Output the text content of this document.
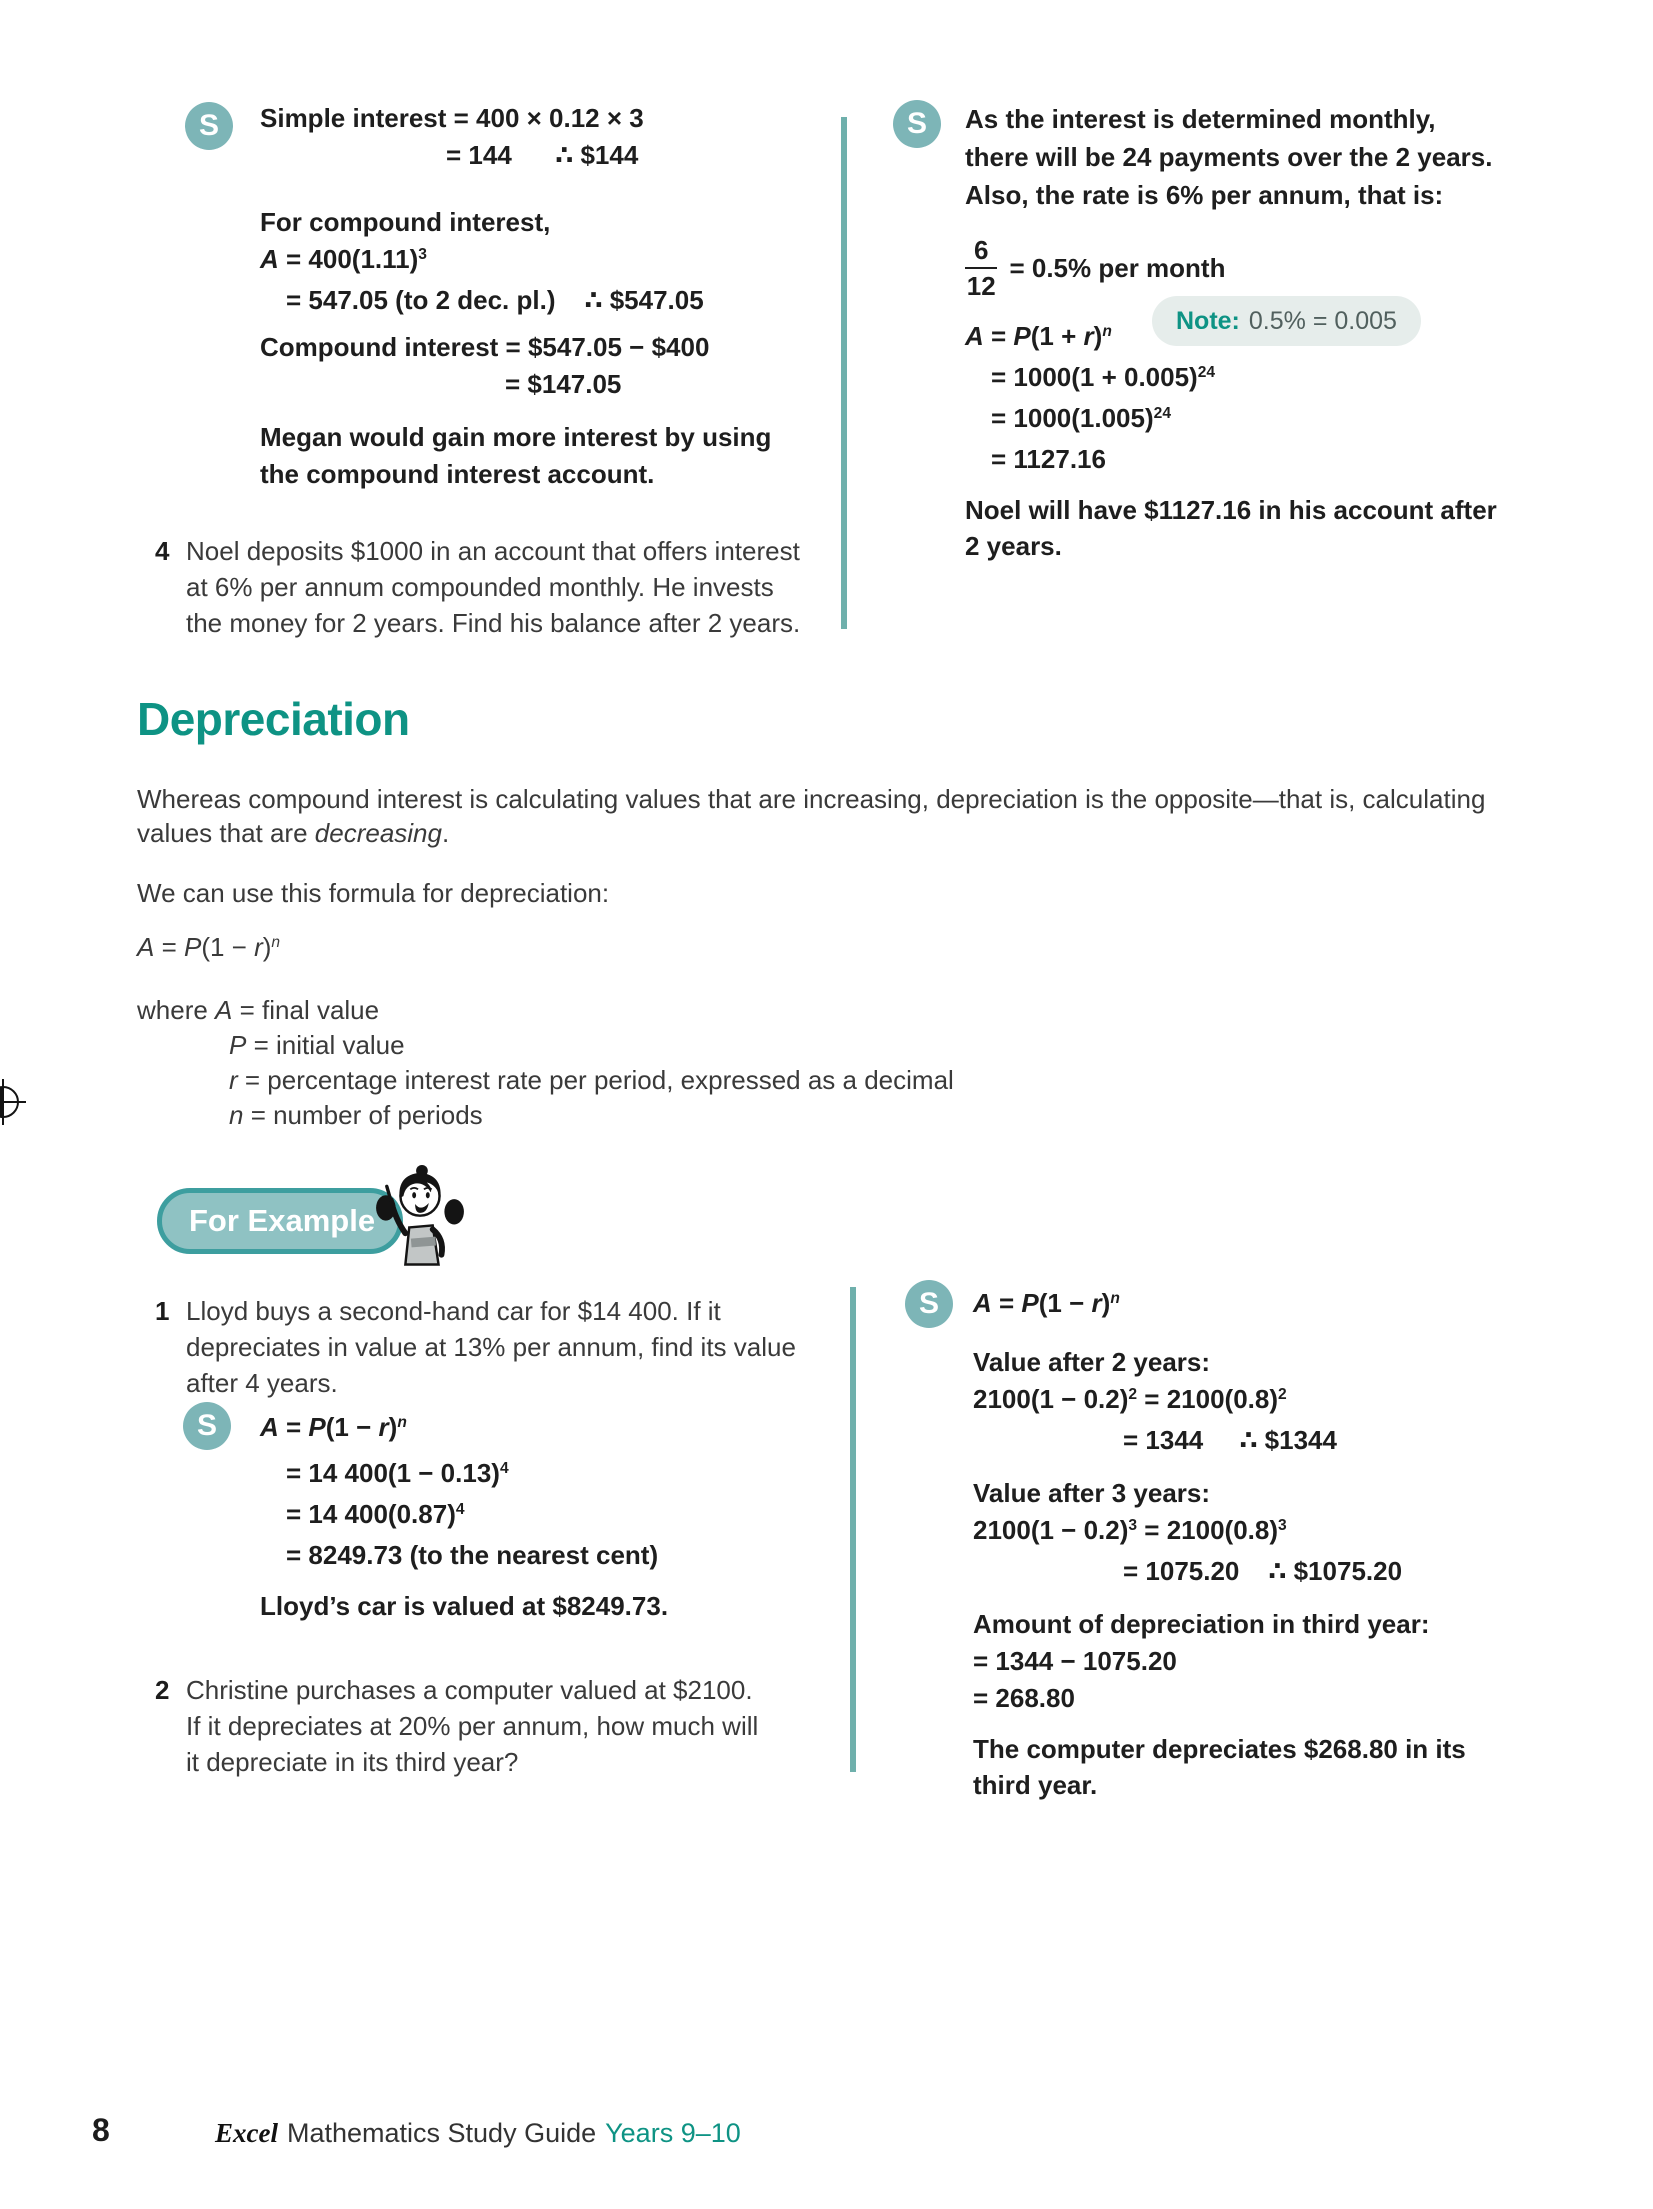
S	Simple interest = 400 × 0.12 × 3
= 144      ∴ $144
For compound interest,
$A = 400(1.11)^3$
= 547.05 (to 2 dec. pl.)    ∴ $547.05
Compound interest = $547.05 − $400
= $147.05
Megan would gain more interest by using
the compound interest account.
4 Noel deposits $1000 in an account that offers interest
at 6% per annum compounded monthly. He invests
the money for 2 years. Find his balance after 2 years.
S	As the interest is determined monthly,
there will be 24 payments over the 2 years.
Also, the rate is 6% per annum, that is:
$\frac{6}{12} = 0.5\%$ per month
$A = P(1 + r)^n$
= $1000(1 + 0.005)^{24}$
= $1000(1.005)^{24}$
= 1127.16
Noel will have $1127.16 in his account after
2 years.
Note: 0.5% = 0.005
Depreciation
Whereas compound interest is calculating values that are increasing, depreciation is the opposite—that is, calculating
values that are decreasing.
We can use this formula for depreciation:
$A = P(1 - r)^n$
where A = final value
P = initial value
r = percentage interest rate per period, expressed as a decimal
n = number of periods
For Example
1 Lloyd buys a second-hand car for $14 400. If it
depreciates in value at 13% per annum, find its value
after 4 years.
S	$A = P(1 - r)^n$
= 14 $400(1 - 0.13)^4$
= 14 $400(0.87)^4$
= 8249.73 (to the nearest cent)
Lloyd’s car is valued at $8249.73.
2 Christine purchases a computer valued at $2100.
If it depreciates at 20% per annum, how much will
it depreciate in its third year?
S	$A = P(1 - r)^n$
Value after 2 years:
$2100(1 - 0.2)^2 = 2100(0.8)^2$
= 1344     ∴ $1344
Value after 3 years:
$2100(1 - 0.2)^3 = 2100(0.8)^3$
= 1075.20    ∴ $1075.20
Amount of depreciation in third year:
= 1344 − 1075.20
= 268.80
The computer depreciates $268.80 in its
third year.
8	Excel Mathematics Study Guide Years 9–10
